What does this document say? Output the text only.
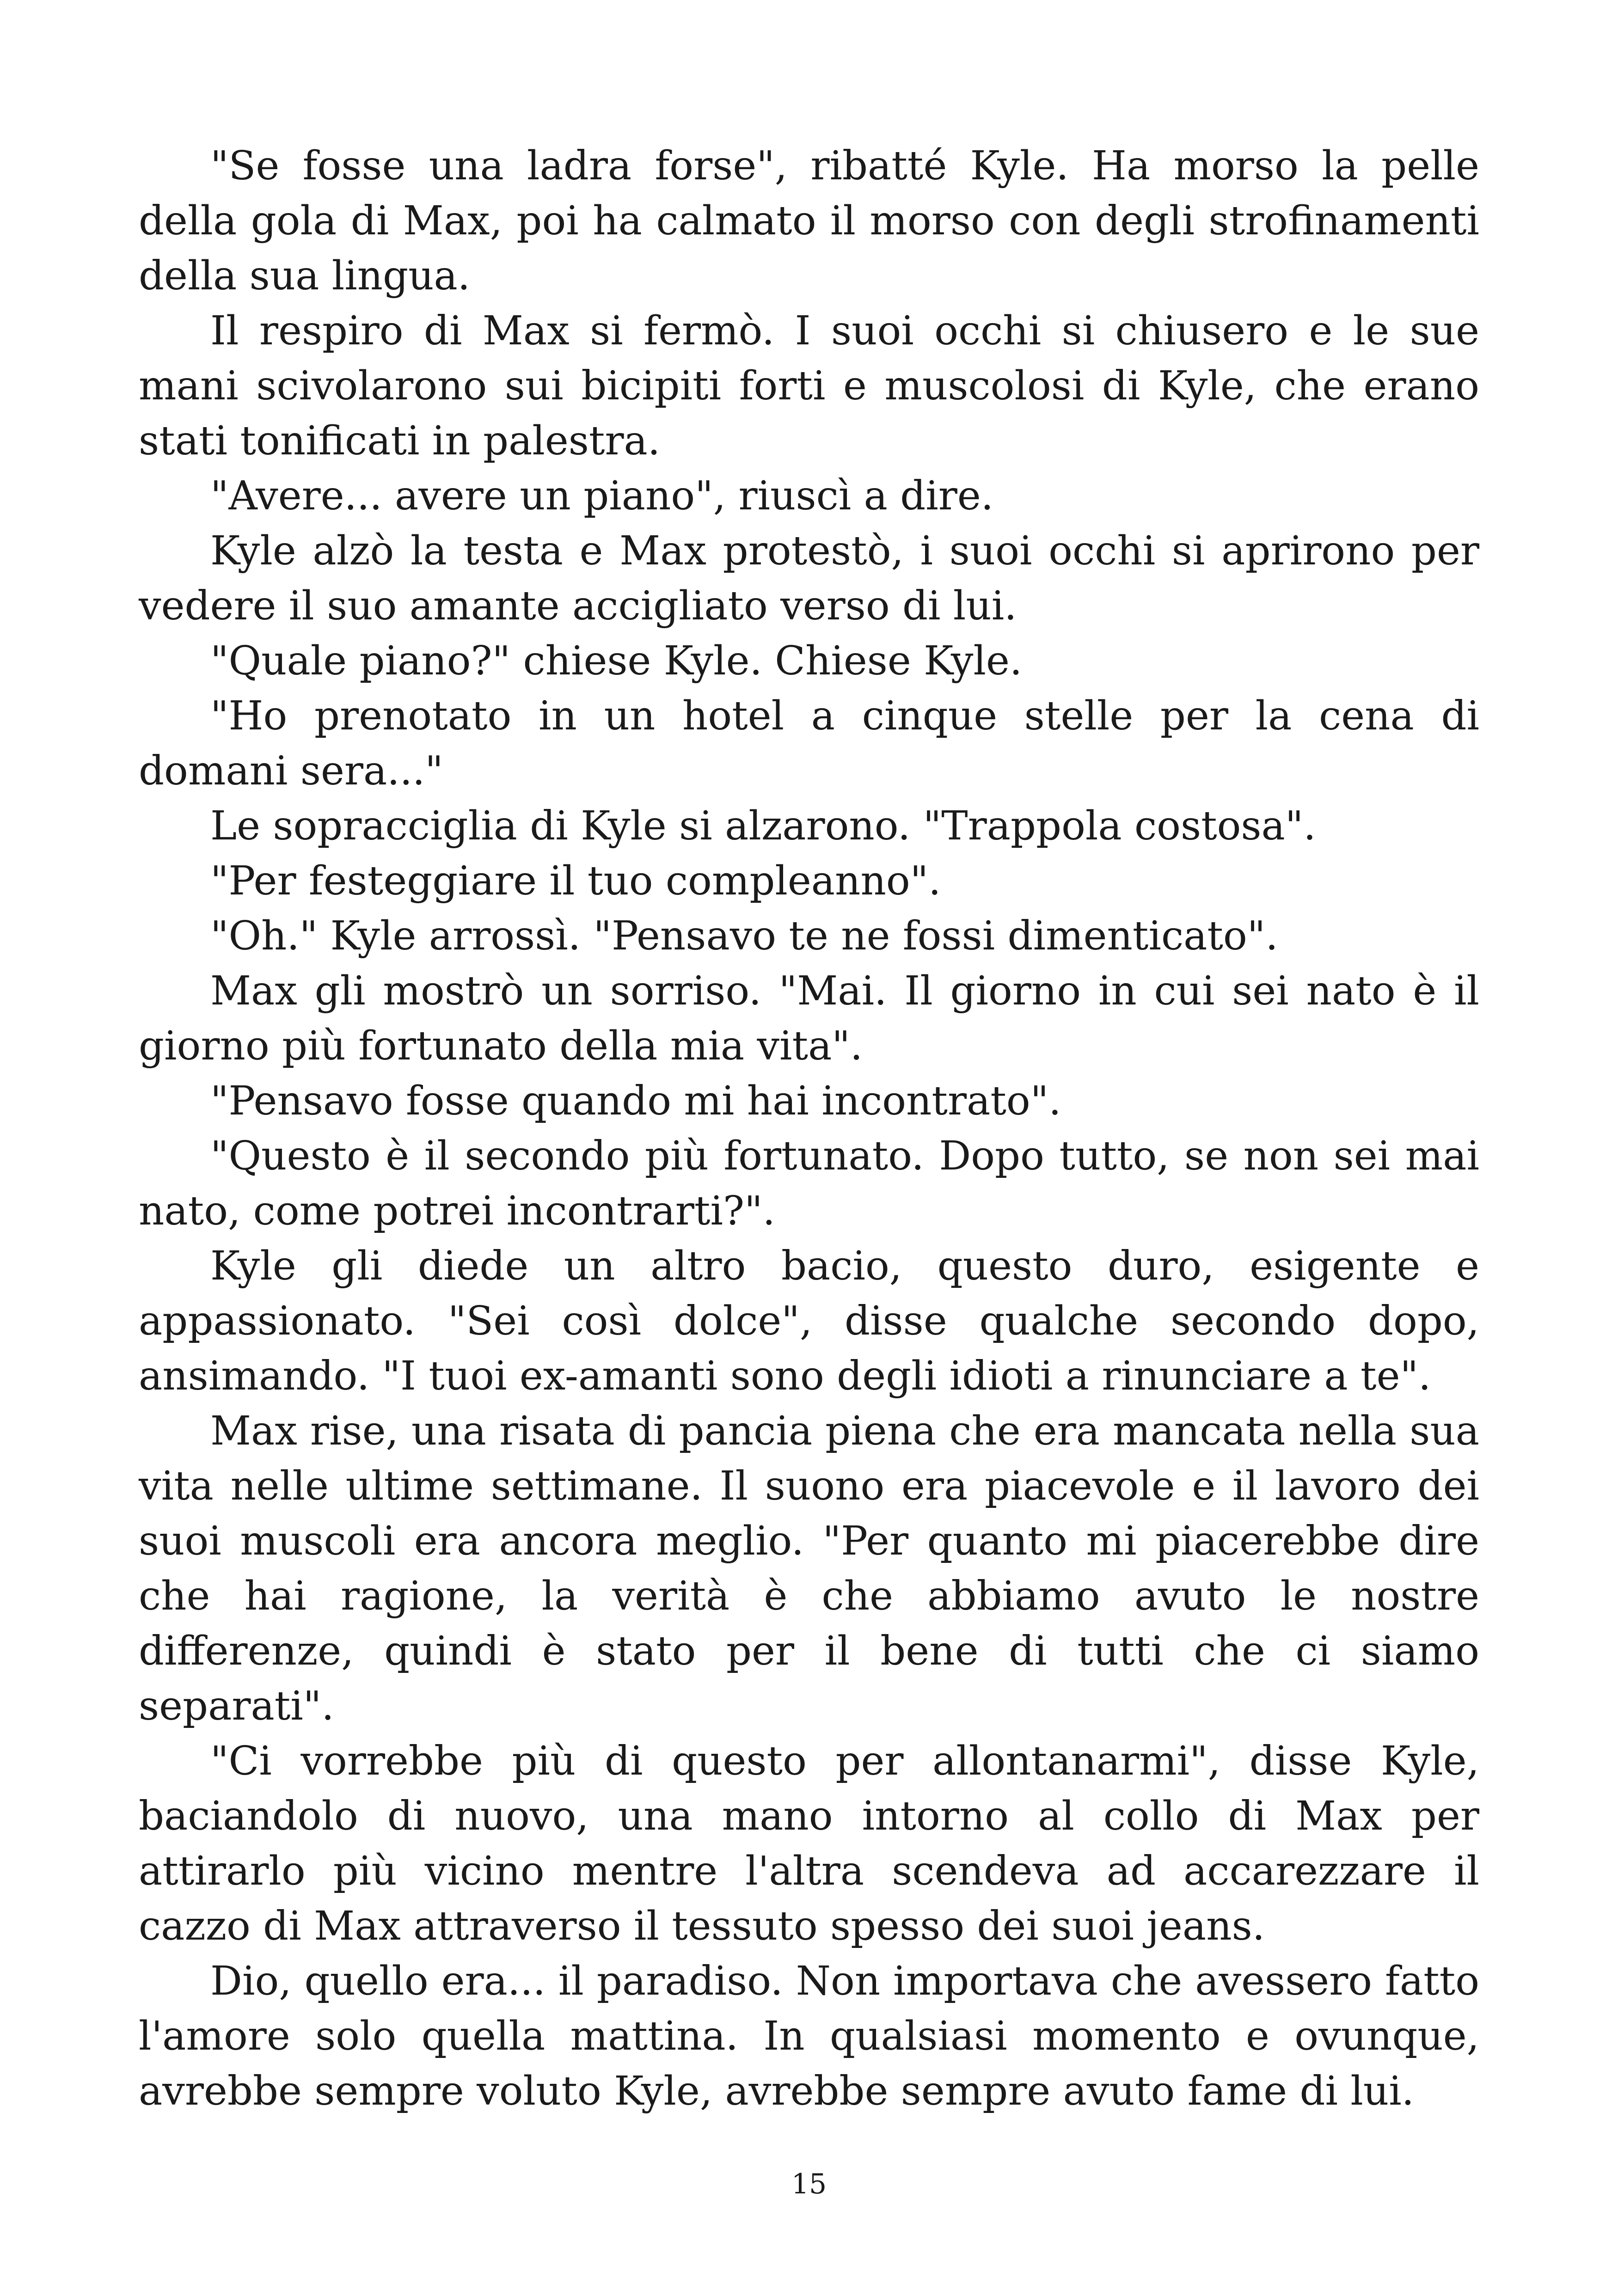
"Se fosse una ladra forse", ribatté Kyle. Ha morso la pelle della gola di Max, poi ha calmato il morso con degli strofinamenti della sua lingua.

Il respiro di Max si fermò. I suoi occhi si chiusero e le sue mani scivolarono sui bicipiti forti e muscolosi di Kyle, che erano stati tonificati in palestra.

"Avere... avere un piano", riuscì a dire.

Kyle alzò la testa e Max protestò, i suoi occhi si aprirono per vedere il suo amante accigliato verso di lui.

"Quale piano?" chiese Kyle. Chiese Kyle.

"Ho prenotato in un hotel a cinque stelle per la cena di domani sera..."

Le sopracciglia di Kyle si alzarono. "Trappola costosa".

"Per festeggiare il tuo compleanno".

"Oh." Kyle arrossì. "Pensavo te ne fossi dimenticato".

Max gli mostrò un sorriso. "Mai. Il giorno in cui sei nato è il giorno più fortunato della mia vita".

"Pensavo fosse quando mi hai incontrato".

"Questo è il secondo più fortunato. Dopo tutto, se non sei mai nato, come potrei incontrarti?".

Kyle gli diede un altro bacio, questo duro, esigente e appassionato. "Sei così dolce", disse qualche secondo dopo, ansimando. "I tuoi ex-amanti sono degli idioti a rinunciare a te".

Max rise, una risata di pancia piena che era mancata nella sua vita nelle ultime settimane. Il suono era piacevole e il lavoro dei suoi muscoli era ancora meglio. "Per quanto mi piacerebbe dire che hai ragione, la verità è che abbiamo avuto le nostre differenze, quindi è stato per il bene di tutti che ci siamo separati".

"Ci vorrebbe più di questo per allontanarmi", disse Kyle, baciandolo di nuovo, una mano intorno al collo di Max per attirarlo più vicino mentre l'altra scendeva ad accarezzare il cazzo di Max attraverso il tessuto spesso dei suoi jeans.

Dio, quello era... il paradiso. Non importava che avessero fatto l'amore solo quella mattina. In qualsiasi momento e ovunque, avrebbe sempre voluto Kyle, avrebbe sempre avuto fame di lui.

15
